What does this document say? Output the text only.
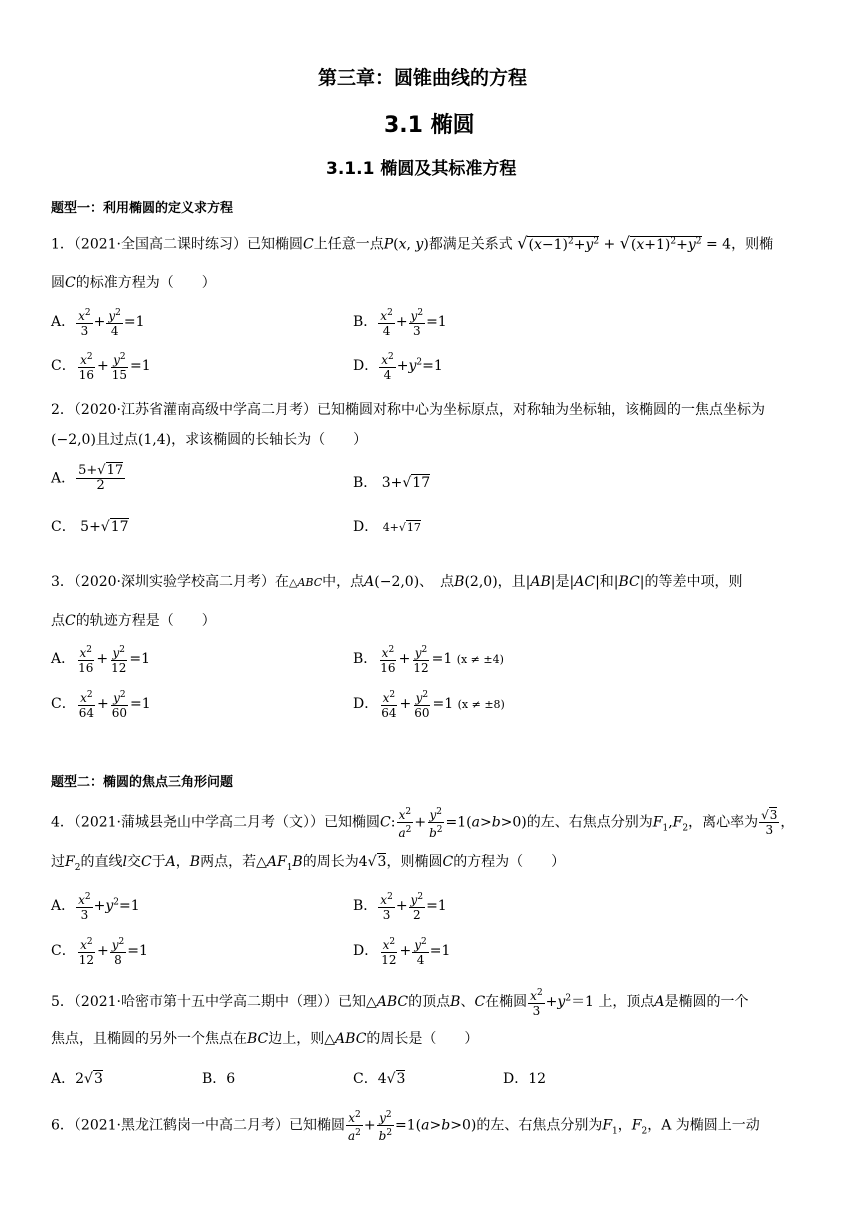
第三章：圆锥曲线的方程
3.1 椭圆
3.1.1 椭圆及其标准方程
题型一：利用椭圆的定义求方程
1．（2021·全国高二课时练习）已知椭圆C上任意一点P(x, y)都满足关系式 $√(x-1)^2+y^2 + √(x+1)^2+y^2 = 4$，则椭
圆C的标准方程为（　　）
A． $\frac{x^2}{3} + \frac{y^2}{4} =1$	B． $\frac{x^2}{4} + \frac{y^2}{3} =1$
C． $\frac{x^2}{16} + \frac{y^2}{15} =1$	D． $\frac{x^2}{4} +y^2=1$
2．（2020·江苏省灌南高级中学高二月考）已知椭圆对称中心为坐标原点，对称轴为坐标轴，该椭圆的一焦点坐标为
(−2,0)且过点(1,4)，求该椭圆的长轴长为（　　）
A． $\frac{5+√17}{2}$	B． 3+√17
C． 5+√17	D． 4+√17
3．（2020·深圳实验学校高二月考）在△ABC中，点A(−2,0)、　点B(2,0)，且|AB|是|AC|和|BC|的等差中项，则
点C的轨迹方程是（　　）
A． $\frac{x^2}{16} + \frac{y^2}{12} =1$	B． $\frac{x^2}{16} + \frac{y^2}{12} =1$ (x ≠ ±4)
C． $\frac{x^2}{64} + \frac{y^2}{60} =1$	D． $\frac{x^2}{64} + \frac{y^2}{60} =1$ (x ≠ ±8)
题型二：椭圆的焦点三角形问题
4．（2021·蒲城县尧山中学高二月考（文））已知椭圆C: $\frac{x^2}{a^2} + \frac{y^2}{b^2} =1(a>b>0)$的左、右焦点分别为$F_1,F_2$，离心率为 $\frac{√3}{3}$ ，
过$F_2$的直线l交C于A，B两点，若$\triangle AF_1B$的周长为4√3，则椭圆C的方程为（　　）
A． $\frac{x^2}{3} +y^2=1$	B． $\frac{x^2}{3} + \frac{y^2}{2} =1$
C． $\frac{x^2}{12} + \frac{y^2}{8} =1$	D． $\frac{x^2}{12} + \frac{y^2}{4} =1$
5．（2021·哈密市第十五中学高二期中（理））已知△ABC的顶点B、C在椭圆 $\frac{x^2}{3} +y^2=1$ 上，顶点A是椭圆的一个
焦点，且椭圆的另外一个焦点在BC边上，则△ABC的周长是（　　）
A．2√3	B．6	C．4√3	D．12
6．（2021·黑龙江鹤岗一中高二月考）已知椭圆 $\frac{x^2}{a^2} + \frac{y^2}{b^2} =1(a>b>0)$的左、右焦点分别为$F_1$，$F_2$，A 为椭圆上一动
